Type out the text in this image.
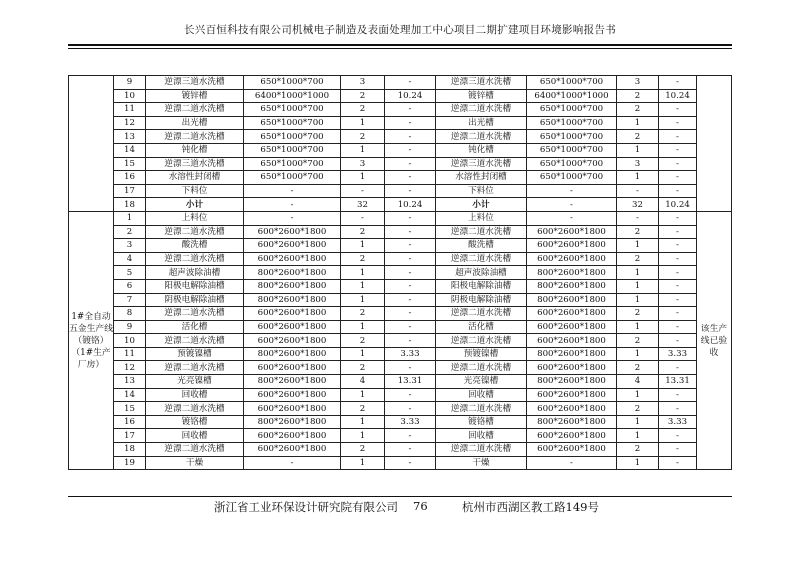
长兴百恒科技有限公司机械电子制造及表面处理加工中心项目二期扩建项目环境影响报告书
	9	逆漂三道水洗槽	650*1000*700	3	-	逆漂三道水洗槽	650*1000*700	3	-	
	10	镀锌槽	6400*1000*1000	2	10.24	镀锌槽	6400*1000*1000	2	10.24	
	11	逆漂二道水洗槽	650*1000*700	2	-	逆漂二道水洗槽	650*1000*700	2	-	
	12	出光槽	650*1000*700	1	-	出光槽	650*1000*700	1	-	
	13	逆漂二道水洗槽	650*1000*700	2	-	逆漂二道水洗槽	650*1000*700	2	-	
	14	钝化槽	650*1000*700	1	-	钝化槽	650*1000*700	1	-	
	15	逆漂三道水洗槽	650*1000*700	3	-	逆漂三道水洗槽	650*1000*700	3	-	
	16	水溶性封闭槽	650*1000*700	1	-	水溶性封闭槽	650*1000*700	1	-	
	17	下料位	-	-	-	下料位	-	-	-	
	18	小计	-	32	10.24	小计	-	32	10.24	
1#全自动五金生产线（镀铬）（1#生产厂房）	1	上料位	-	-	-	上料位	-	-	-	该生产线已验收
	2	逆漂二道水洗槽	600*2600*1800	2	-	逆漂二道水洗槽	600*2600*1800	2	-	
	3	酸洗槽	600*2600*1800	1	-	酸洗槽	600*2600*1800	1	-	
	4	逆漂二道水洗槽	600*2600*1800	2	-	逆漂二道水洗槽	600*2600*1800	2	-	
	5	超声波除油槽	800*2600*1800	1	-	超声波除油槽	800*2600*1800	1	-	
	6	阳极电解除油槽	800*2600*1800	1	-	阳极电解除油槽	800*2600*1800	1	-	
	7	阴极电解除油槽	800*2600*1800	1	-	阴极电解除油槽	800*2600*1800	1	-	
	8	逆漂二道水洗槽	600*2600*1800	2	-	逆漂二道水洗槽	600*2600*1800	2	-	
	9	活化槽	600*2600*1800	1	-	活化槽	600*2600*1800	1	-	
	10	逆漂二道水洗槽	600*2600*1800	2	-	逆漂二道水洗槽	600*2600*1800	2	-	
	11	预镀镍槽	800*2600*1800	1	3.33	预镀镍槽	800*2600*1800	1	3.33	
	12	逆漂二道水洗槽	600*2600*1800	2	-	逆漂二道水洗槽	600*2600*1800	2	-	
	13	光亮镍槽	800*2600*1800	4	13.31	光亮镍槽	800*2600*1800	4	13.31	
	14	回收槽	600*2600*1800	1	-	回收槽	600*2600*1800	1	-	
	15	逆漂二道水洗槽	600*2600*1800	2	-	逆漂二道水洗槽	600*2600*1800	2	-	
	16	镀铬槽	800*2600*1800	1	3.33	镀铬槽	800*2600*1800	1	3.33	
	17	回收槽	600*2600*1800	1	-	回收槽	600*2600*1800	1	-	
	18	逆漂二道水洗槽	600*2600*1800	2	-	逆漂二道水洗槽	600*2600*1800	2	-	
	19	干燥	-	1	-	干燥	-	1	-	
浙江省工业环保设计研究院有限公司 76	杭州市西湖区教工路149号
